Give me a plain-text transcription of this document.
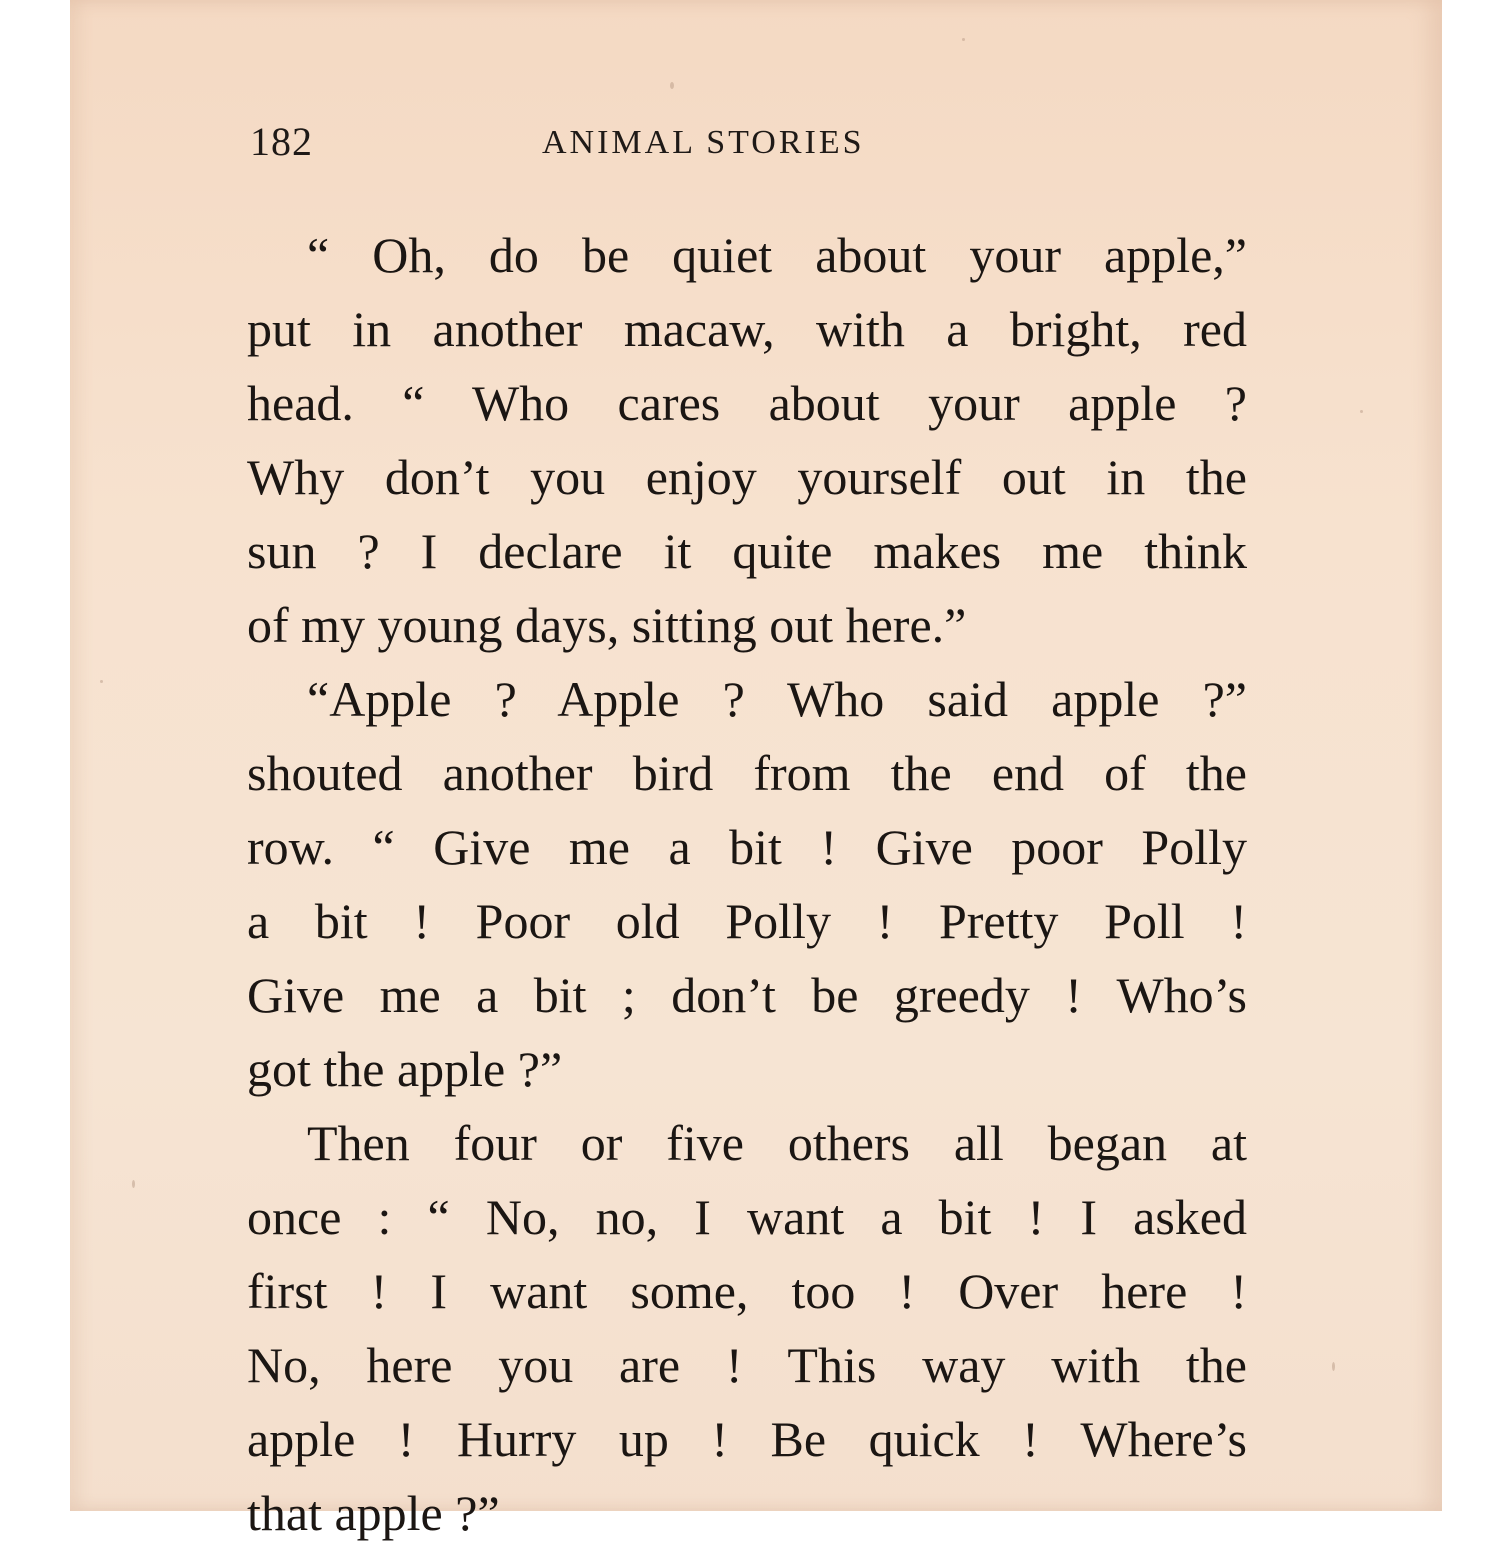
182	ANIMAL STORIES
“ Oh, do be quiet about your apple,”
put in another macaw, with a bright, red
head. “ Who cares about your apple ?
Why don’t you enjoy yourself out in the
sun ? I declare it quite makes me think
of my young days, sitting out here.”
“Apple ? Apple ? Who said apple ?”
shouted another bird from the end of the
row. “ Give me a bit ! Give poor Polly
a bit ! Poor old Polly ! Pretty Poll !
Give me a bit ; don’t be greedy ! Who’s
got the apple ?”
Then four or five others all began at
once : “ No, no, I want a bit ! I asked
first ! I want some, too ! Over here !
No, here you are ! This way with the
apple ! Hurry up ! Be quick ! Where’s
that apple ?”
